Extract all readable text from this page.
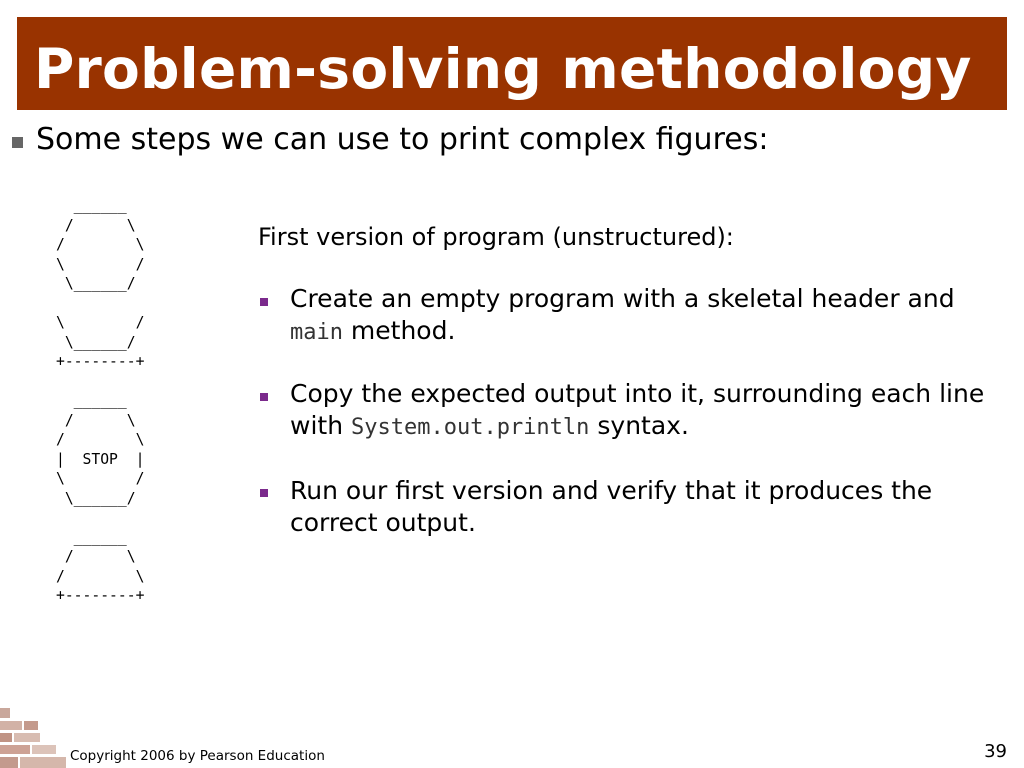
Problem-solving methodology
Some steps we can use to print complex figures:
______
/      \
/        \
\        /
\______/

\        /
\______/
+--------+

______
/      \
/        \
|  STOP  |
\        /
\______/

______
/      \
/        \
+--------+
First version of program (unstructured):
Create an empty program with a skeletal header and main method.
Copy the expected output into it, surrounding each line with System.out.println syntax.
Run our first version and verify that it produces the correct output.
Copyright 2006 by Pearson Education	39
